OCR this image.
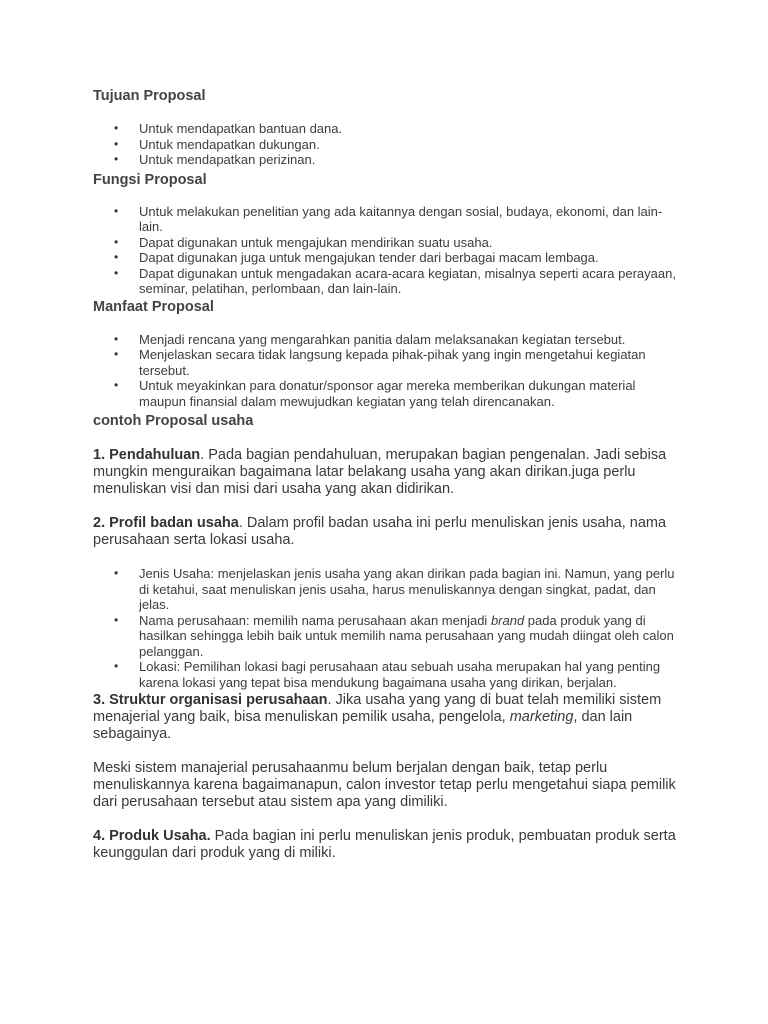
Tujuan Proposal
• Untuk mendapatkan bantuan dana.
• Untuk mendapatkan dukungan.
• Untuk mendapatkan perizinan.
Fungsi Proposal
• Untuk melakukan penelitian yang ada kaitannya dengan sosial, budaya, ekonomi, dan lain-lain.
• Dapat digunakan untuk mengajukan mendirikan suatu usaha.
• Dapat digunakan juga untuk mengajukan tender dari berbagai macam lembaga.
• Dapat digunakan untuk mengadakan acara-acara kegiatan, misalnya seperti acara perayaan, seminar, pelatihan, perlombaan, dan lain-lain.
Manfaat Proposal
• Menjadi rencana yang mengarahkan panitia dalam melaksanakan kegiatan tersebut.
• Menjelaskan secara tidak langsung kepada pihak-pihak yang ingin mengetahui kegiatan tersebut.
• Untuk meyakinkan para donatur/sponsor agar mereka memberikan dukungan material maupun finansial dalam mewujudkan kegiatan yang telah direncanakan.
contoh Proposal usaha

1. Pendahuluan. Pada bagian pendahuluan, merupakan bagian pengenalan. Jadi sebisa mungkin menguraikan bagaimana latar belakang usaha yang akan dirikan.juga perlu menuliskan visi dan misi dari usaha yang akan didirikan.

2. Profil badan usaha. Dalam profil badan usaha ini perlu menuliskan jenis usaha, nama perusahaan serta lokasi usaha.

• Jenis Usaha: menjelaskan jenis usaha yang akan dirikan pada bagian ini. Namun, yang perlu di ketahui, saat menuliskan jenis usaha, harus menuliskannya dengan singkat, padat, dan jelas.
• Nama perusahaan: memilih nama perusahaan akan menjadi brand pada produk yang di hasilkan sehingga lebih baik untuk memilih nama perusahaan yang mudah diingat oleh calon pelanggan.
• Lokasi: Pemilihan lokasi bagi perusahaan atau sebuah usaha merupakan hal yang penting karena lokasi yang tepat bisa mendukung bagaimana usaha yang dirikan, berjalan.

3. Struktur organisasi perusahaan. Jika usaha yang yang di buat telah memiliki sistem menajerial yang baik, bisa menuliskan pemilik usaha, pengelola, marketing, dan lain sebagainya.

Meski sistem manajerial perusahaanmu belum berjalan dengan baik, tetap perlu menuliskannya karena bagaimanapun, calon investor tetap perlu mengetahui siapa pemilik dari perusahaan tersebut atau sistem apa yang dimiliki.

4. Produk Usaha. Pada bagian ini perlu menuliskan jenis produk, pembuatan produk serta keunggulan dari produk yang di miliki.
